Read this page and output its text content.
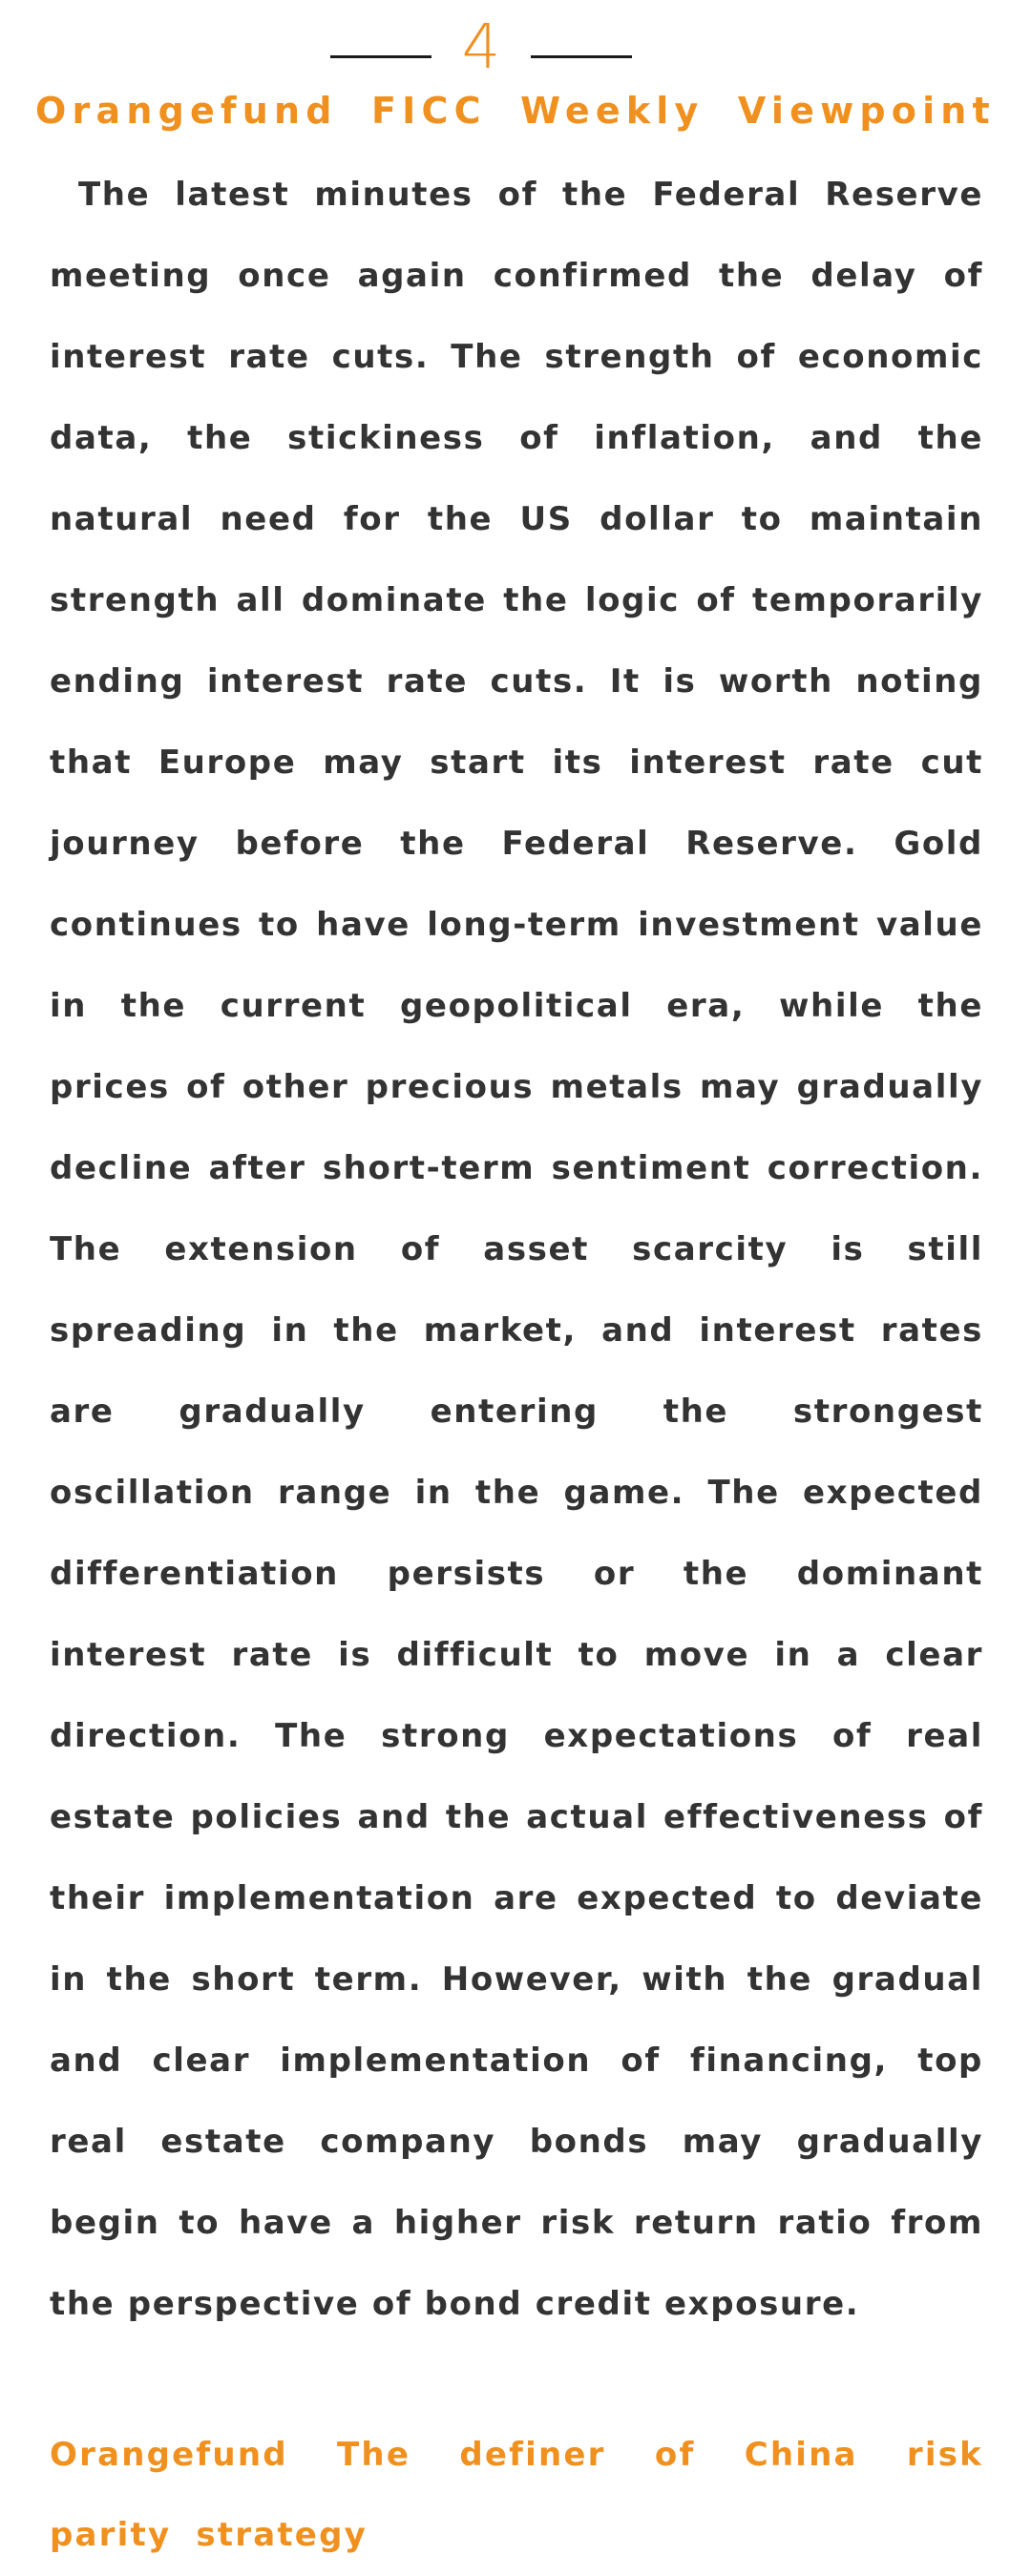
4
Orangefund FICC Weekly Viewpoint

The latest minutes of the Federal Reserve meeting once again confirmed the delay of interest rate cuts. The strength of economic data, the stickiness of inflation, and the natural need for the US dollar to maintain strength all dominate the logic of temporarily ending interest rate cuts. It is worth noting that Europe may start its interest rate cut journey before the Federal Reserve. Gold continues to have long-term investment value in the current geopolitical era, while the prices of other precious metals may gradually decline after short-term sentiment correction. The extension of asset scarcity is still spreading in the market, and interest rates are gradually entering the strongest oscillation range in the game. The expected differentiation persists or the dominant interest rate is difficult to move in a clear direction. The strong expectations of real estate policies and the actual effectiveness of their implementation are expected to deviate in the short term. However, with the gradual and clear implementation of financing, top real estate company bonds may gradually begin to have a higher risk return ratio from the perspective of bond credit exposure.

Orangefund The definer of China risk parity strategy
